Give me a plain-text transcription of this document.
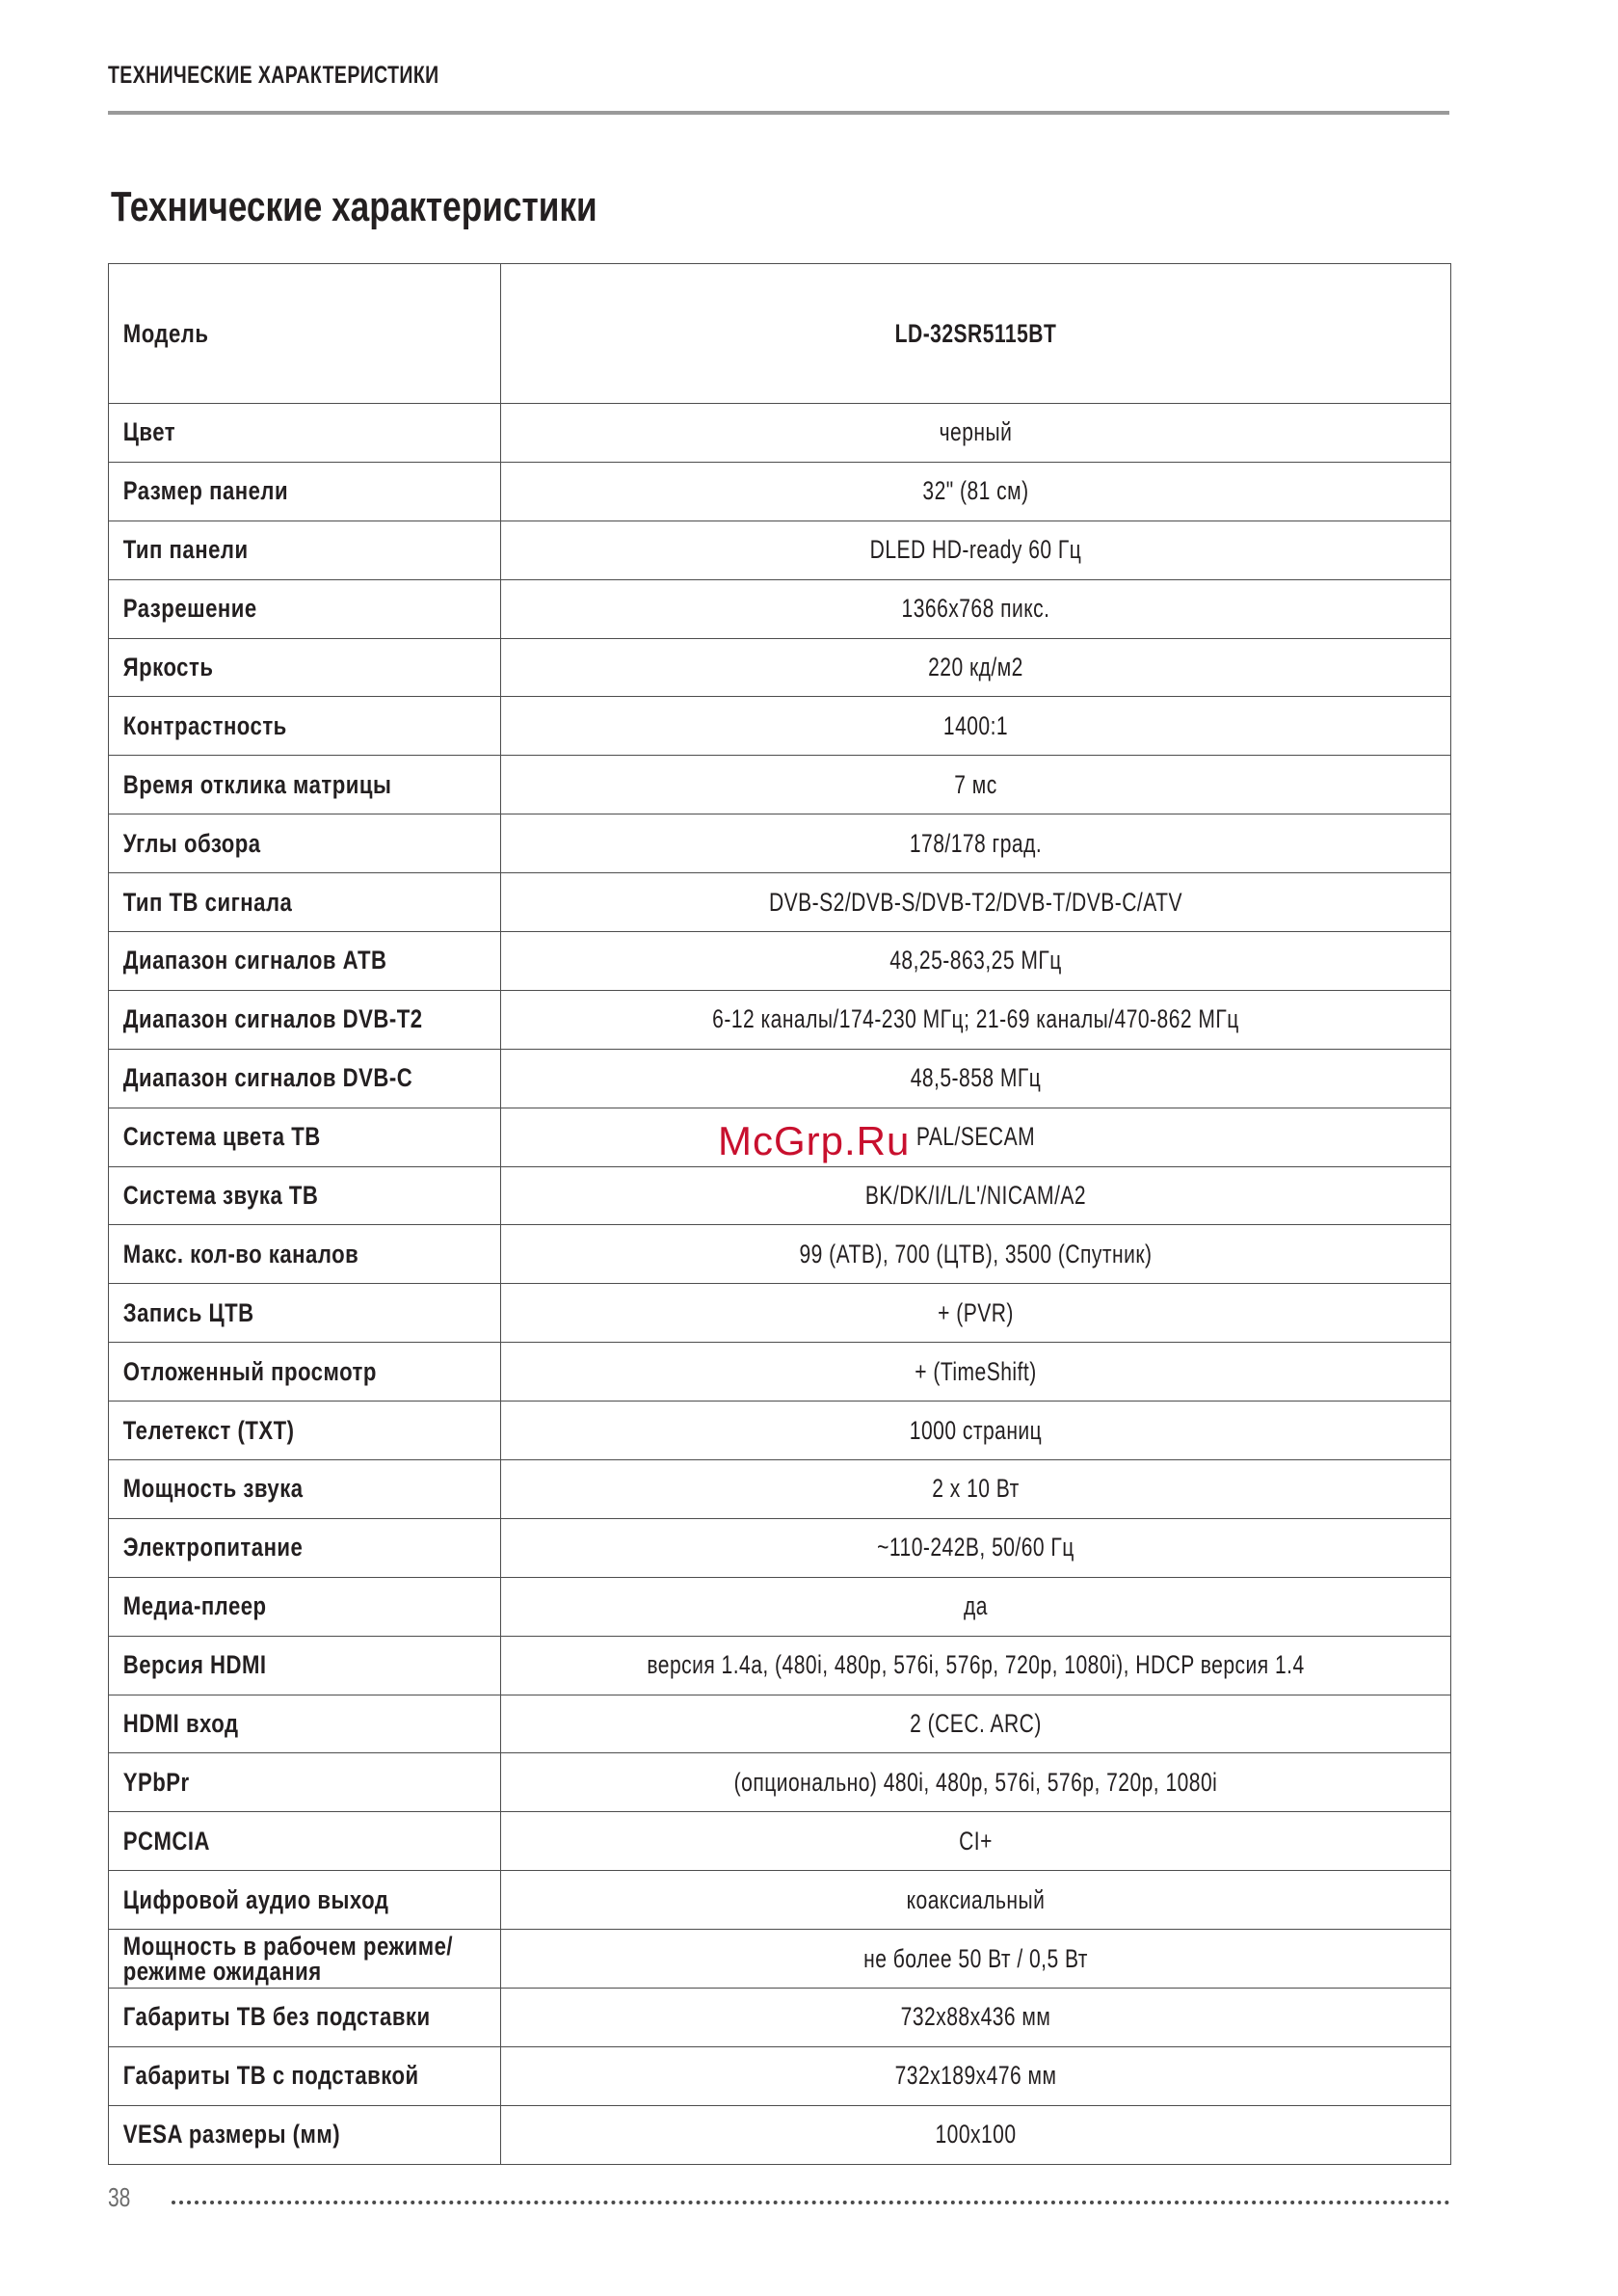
ТЕХНИЧЕСКИЕ ХАРАКТЕРИСТИКИ
Технические характеристики
Модель	LD-32SR5115BT

Цвет	черный

Размер панели	32" (81 см)

Тип панели	DLED HD-ready 60 Гц

Разрешение	1366x768 пикс.

Яркость	220 кд/м2

Контрастность	1400:1

Время отклика матрицы	7 мс

Углы обзора	178/178 град.

Тип ТВ сигнала	DVB-S2/DVB-S/DVB-T2/DVB-T/DVB-C/ATV

Диапазон сигналов АТВ	48,25-863,25 МГц

Диапазон сигналов DVB-T2	6-12 каналы/174-230 МГц; 21-69 каналы/470-862 МГц

Диапазон сигналов DVB-C	48,5-858 МГц

Система цвета ТВ	PAL/SECAM

Система звука ТВ	BK/DK/I/L/L'/NICAM/A2

Макс. кол-во каналов	99 (АТВ), 700 (ЦТВ), 3500 (Спутник)

Запись ЦТВ	+ (PVR)

Отложенный просмотр	+ (TimeShift)

Телетекст (TXT)	1000 страниц

Мощность звука	2 x 10 Вт

Электропитание	~110-242В, 50/60 Гц

Медиа-плеер	да

Версия HDMI	версия 1.4a, (480i, 480p, 576i, 576p, 720p, 1080i), HDCP версия 1.4

HDMI вход	2 (CEC. ARC)

YPbPr	(опционально) 480i, 480p, 576i, 576p, 720p, 1080i

PCMCIA	CI+

Цифровой аудио выход	коаксиальный

Мощность в рабочем режиме/ режиме ожидания	не более 50 Вт / 0,5 Вт

Габариты ТВ без подставки	732x88x436 мм

Габариты ТВ с подставкой	732x189x476 мм

VESA размеры (мм)	100x100
McGrp.Ru
38
